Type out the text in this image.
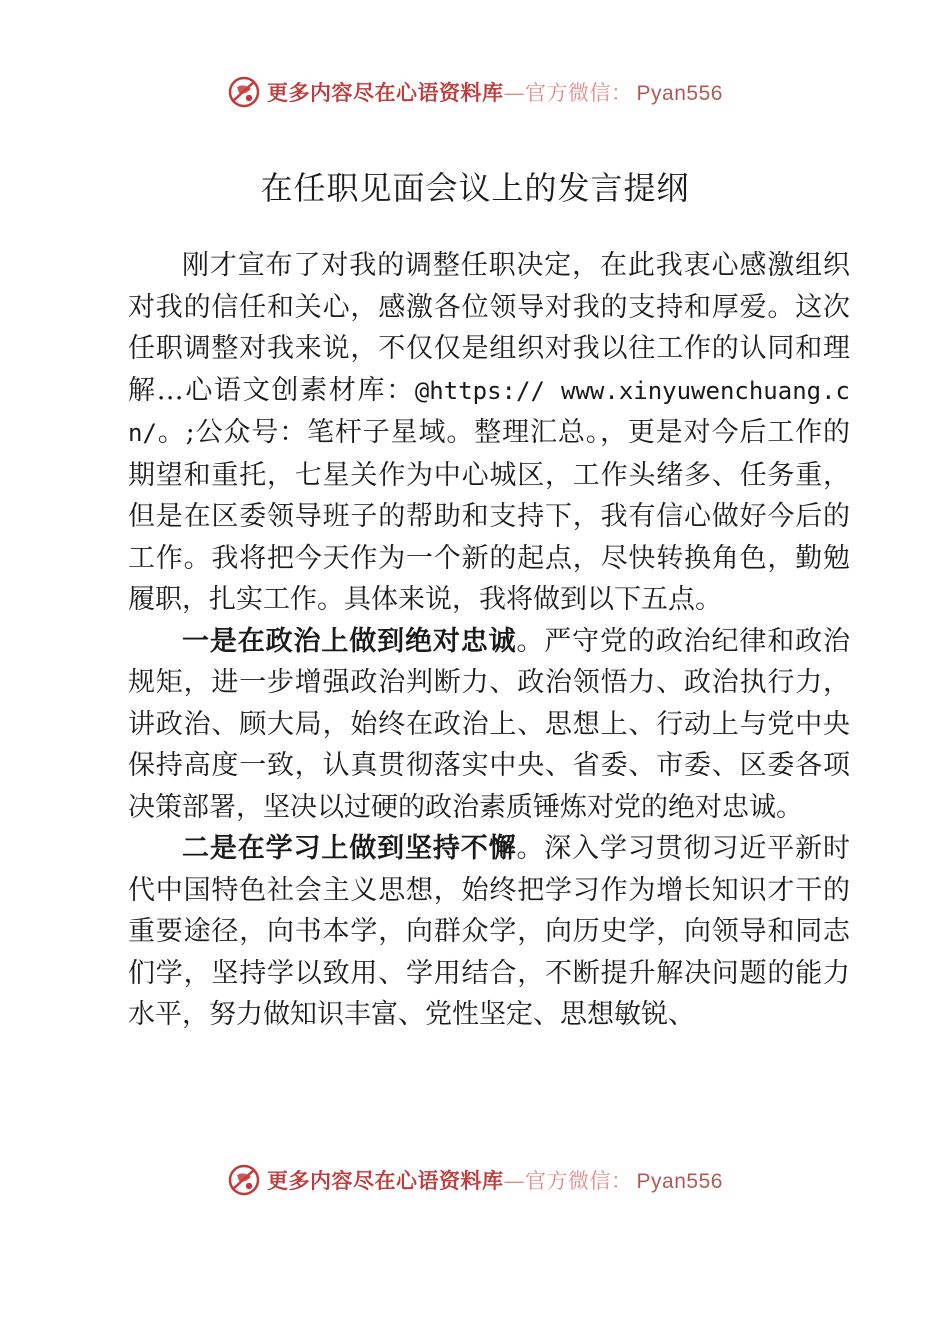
更多内容尽在心语资料库—官方微信： Pyan556
在任职见面会议上的发言提纲

刚才宣布了对我的调整任职决定，在此我衷心感激组织对我的信任和关心，感激各位领导对我的支持和厚爱。这次任职调整对我来说，不仅仅是组织对我以往工作的认同和理解…心语文创素材库：@https:// www.xinyuwenchuang.cn/。;公众号：笔杆子星域。整理汇总。，更是对今后工作的期望和重托，七星关作为中心城区，工作头绪多、任务重，但是在区委领导班子的帮助和支持下，我有信心做好今后的工作。我将把今天作为一个新的起点，尽快转换角色，勤勉履职，扎实工作。具体来说，我将做到以下五点。

一是在政治上做到绝对忠诚。严守党的政治纪律和政治规矩，进一步增强政治判断力、政治领悟力、政治执行力，讲政治、顾大局，始终在政治上、思想上、行动上与党中央保持高度一致，认真贯彻落实中央、省委、市委、区委各项决策部署，坚决以过硬的政治素质锤炼对党的绝对忠诚。

二是在学习上做到坚持不懈。深入学习贯彻习近平新时代中国特色社会主义思想，始终把学习作为增长知识才干的重要途径，向书本学，向群众学，向历史学，向领导和同志们学，坚持学以致用、学用结合，不断提升解决问题的能力水平，努力做知识丰富、党性坚定、思想敏锐、

更多内容尽在心语资料库—官方微信： Pyan556
